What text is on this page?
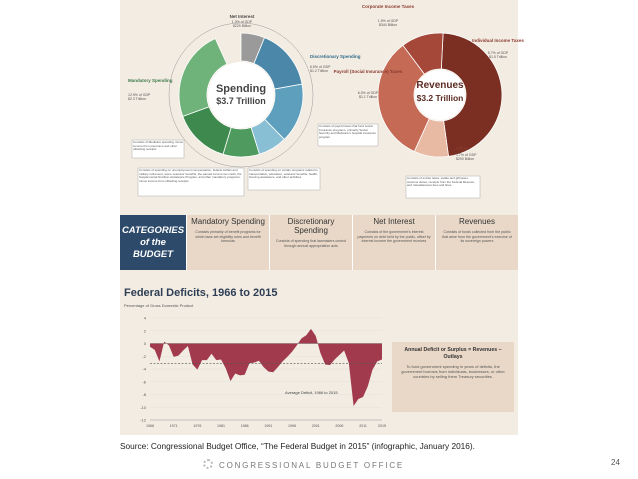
Spending
$3.7 Trillion
Net Interest
1.3% of GDP
$229 Billion
Discretionary Spending
6.5% of GDP
$1.2 Trillion
Mandatory Spending
12.9% of GDP
$2.3 Trillion
Consists of Medicare spending minus income from premiums and other offsetting receipts
Consists of spending on unemployment compensation, federal civilian and military retirement, some veterans' benefits, the earned income tax credit, the Supplemental Nutrition Assistance Program, and other mandatory programs, minus income from offsetting receipts
Consists of spending on certain programs related to transportation, education, veterans' benefits, health, housing assistance, and other activities
Revenues
$3.2 Trillion
Corporate Income Taxes
1.9% of GDP
$344 Billion
Individual Income Taxes
8.7% of GDP
$1.5 Trillion
Payroll (Social Insurance) Taxes
6.0% of GDP
$1.1 Trillion
Other
1.7% of GDP
$290 Billion
Consists of payroll taxes that fund social insurance programs, primarily Social Security and Medicare's hospital insurance program
Consists of excise taxes, estate and gift taxes, customs duties, receipts from the Federal Reserve, and miscellaneous fees and fines
CATEGORIES of the BUDGET
Mandatory Spending
Consists primarily of benefit programs for which laws set eligibility rules and benefit formulas
Discretionary Spending
Consists of spending that lawmakers control through annual appropriation acts
Net Interest
Consists of the government's interest payments on debt held by the public, offset by interest income the government receives
Revenues
Consists of funds collected from the public that arise from the government's exercise of its sovereign powers
Federal Deficits, 1966 to 2015
Percentage of Gross Domestic Product
4
2
0
-2
-4
-6
-8
-10
-12
1966	1971	1976	1981	1986	1991	1996	2001	2006	2011	2015
Average Deficit, 1966 to 2015
Annual Deficit or Surplus = Revenues − Outlays
To fund government spending in years of deficits, the government borrows from individuals, businesses, or other countries by selling them Treasury securities.
Source: Congressional Budget Office, “The Federal Budget in 2015” (infographic, January 2016).
CONGRESSIONAL BUDGET OFFICE	24
